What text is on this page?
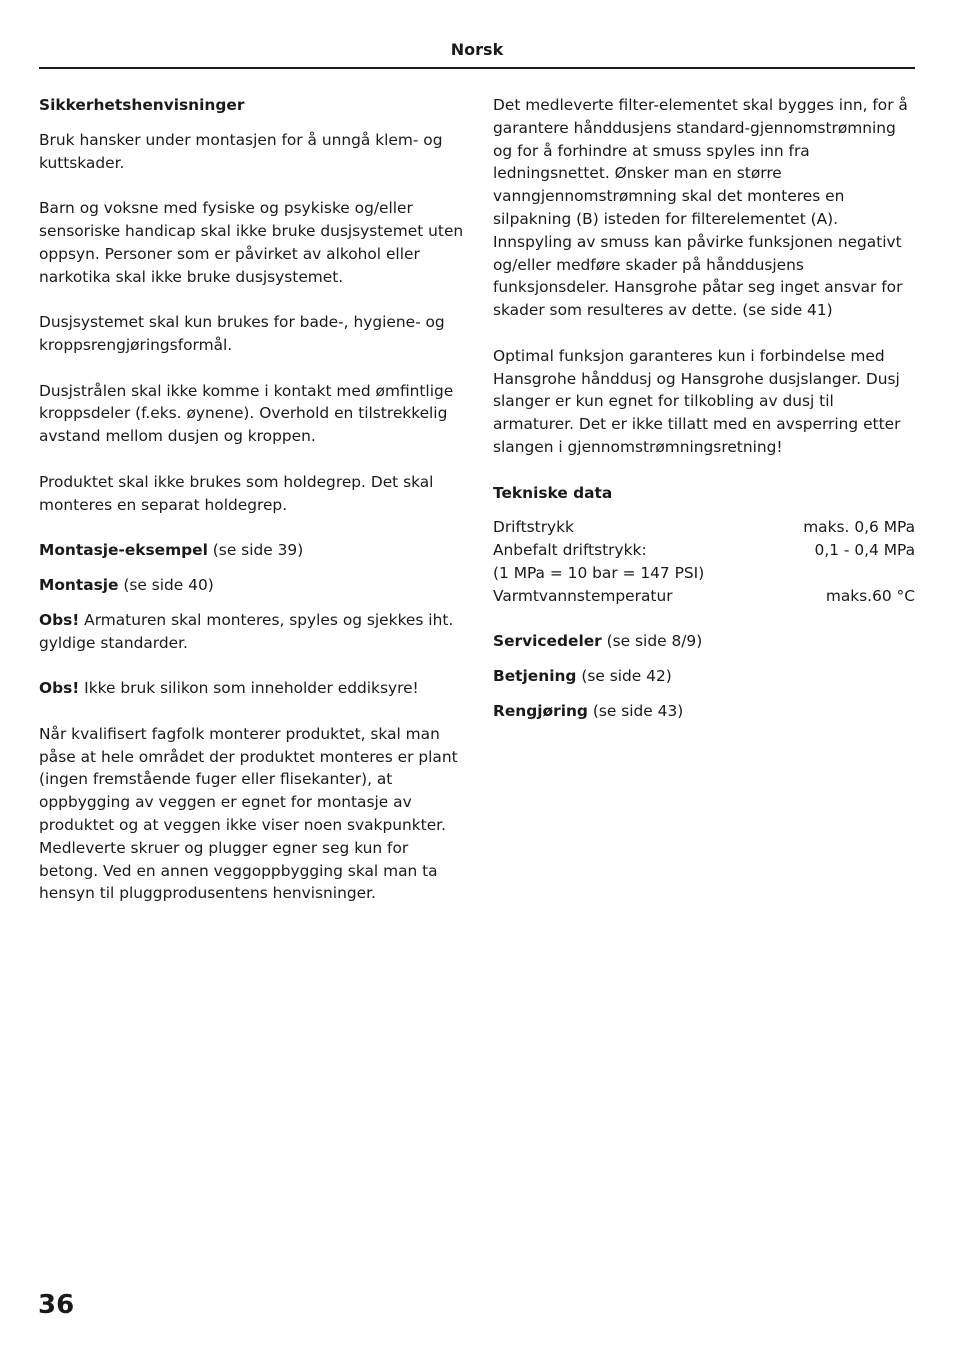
Norsk
Sikkerhetshenvisninger

Bruk hansker under montasjen for å unngå klem- og kuttskader.

Barn og voksne med fysiske og psykiske og/eller sensoriske handicap skal ikke bruke dusjsystemet uten oppsyn. Personer som er påvirket av alkohol eller narkotika skal ikke bruke dusjsystemet.

Dusjsystemet skal kun brukes for bade-, hygiene- og kroppsrengjøringsformål.

Dusjstrålen skal ikke komme i kontakt med ømfintlige kroppsdeler (f.eks. øynene). Overhold en tilstrekkelig avstand mellom dusjen og kroppen.

Produktet skal ikke brukes som holdegrep. Det skal monteres en separat holdegrep.

Montasje-eksempel (se side 39)
Montasje (se side 40)
Obs! Armaturen skal monteres, spyles og sjekkes iht. gyldige standarder.
Obs! Ikke bruk silikon som inneholder eddiksyre!

Når kvalifisert fagfolk monterer produktet, skal man påse at hele området der produktet monteres er plant (ingen fremstående fuger eller flisekanter), at oppbygging av veggen er egnet for montasje av produktet og at veggen ikke viser noen svakpunkter. Medleverte skruer og plugger egner seg kun for betong. Ved en annen veggoppbygging skal man ta hensyn til pluggprodusentens henvisninger.

Det medleverte filter-elementet skal bygges inn, for å garantere hånddusjens standard-gjennomstrømning og for å forhindre at smuss spyles inn fra ledningsnettet. Ønsker man en større vanngjennomstrømning skal det monteres en silpakning (B) isteden for filterelementet (A). Innspyling av smuss kan påvirke funksjonen negativt og/eller medføre skader på hånddusjens funksjonsdeler. Hansgrohe påtar seg inget ansvar for skader som resulteres av dette. (se side 41)

Optimal funksjon garanteres kun i forbindelse med Hansgrohe hånddusj og Hansgrohe dusjslanger. Dusj slanger er kun egnet for tilkobling av dusj til armaturer. Det er ikke tillatt med en avsperring etter slangen i gjennomstrømningsretning!

Tekniske data
Driftstrykk	maks. 0,6 MPa
Anbefalt driftstrykk:	0,1 - 0,4 MPa
(1 MPa = 10 bar = 147 PSI)
Varmtvannstemperatur	maks.60 °C
Servicedeler (se side 8/9)
Betjening (se side 42)
Rengjøring (se side 43)
36
